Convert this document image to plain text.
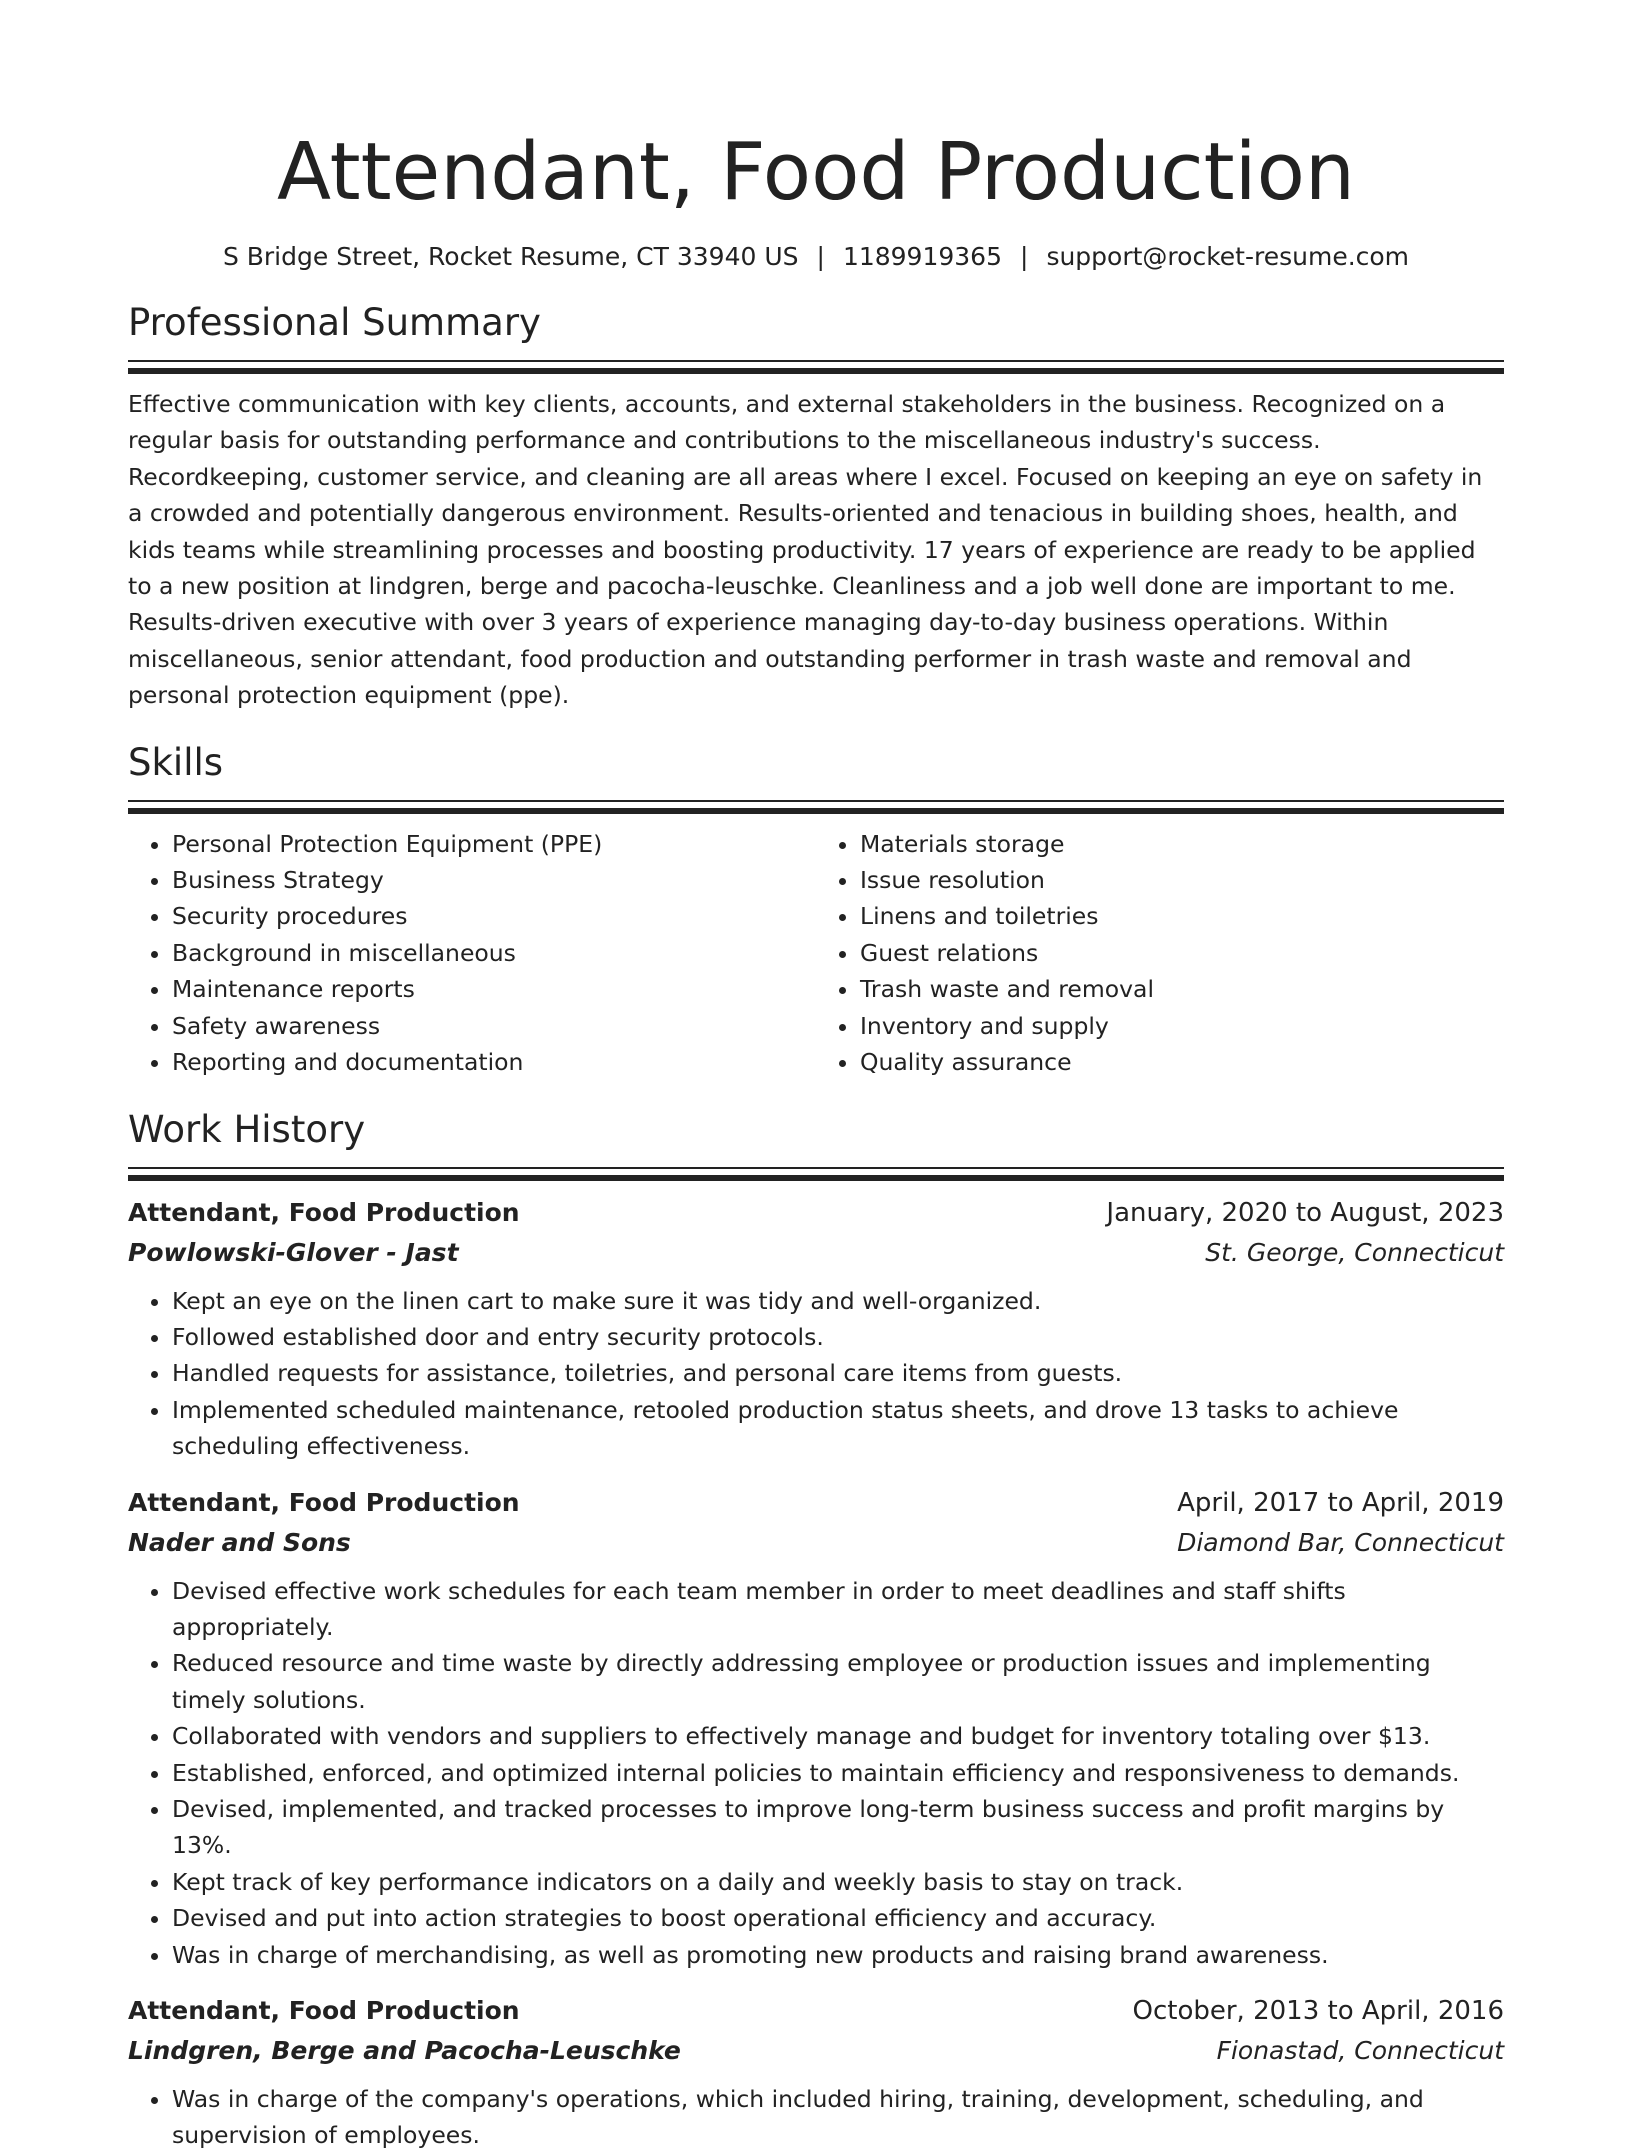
Attendant, Food Production
S Bridge Street, Rocket Resume, CT 33940 US | 1189919365 | support@rocket-resume.com
Professional Summary

Effective communication with key clients, accounts, and external stakeholders in the business. Recognized on a regular basis for outstanding performance and contributions to the miscellaneous industry's success. Recordkeeping, customer service, and cleaning are all areas where I excel. Focused on keeping an eye on safety in a crowded and potentially dangerous environment. Results-oriented and tenacious in building shoes, health, and kids teams while streamlining processes and boosting productivity. 17 years of experience are ready to be applied to a new position at lindgren, berge and pacocha-leuschke. Cleanliness and a job well done are important to me. Results-driven executive with over 3 years of experience managing day-to-day business operations. Within miscellaneous, senior attendant, food production and outstanding performer in trash waste and removal and personal protection equipment (ppe).

Skills
• Personal Protection Equipment (PPE)
• Business Strategy
• Security procedures
• Background in miscellaneous
• Maintenance reports
• Safety awareness
• Reporting and documentation
• Materials storage
• Issue resolution
• Linens and toiletries
• Guest relations
• Trash waste and removal
• Inventory and supply
• Quality assurance
Work History
Attendant, Food Production	January, 2020 to August, 2023
Powlowski-Glover - Jast	St. George, Connecticut
• Kept an eye on the linen cart to make sure it was tidy and well-organized.
• Followed established door and entry security protocols.
• Handled requests for assistance, toiletries, and personal care items from guests.
• Implemented scheduled maintenance, retooled production status sheets, and drove 13 tasks to achieve scheduling effectiveness.
Attendant, Food Production	April, 2017 to April, 2019
Nader and Sons	Diamond Bar, Connecticut
• Devised effective work schedules for each team member in order to meet deadlines and staff shifts appropriately.
• Reduced resource and time waste by directly addressing employee or production issues and implementing timely solutions.
• Collaborated with vendors and suppliers to effectively manage and budget for inventory totaling over $13.
• Established, enforced, and optimized internal policies to maintain efficiency and responsiveness to demands.
• Devised, implemented, and tracked processes to improve long-term business success and profit margins by 13%.
• Kept track of key performance indicators on a daily and weekly basis to stay on track.
• Devised and put into action strategies to boost operational efficiency and accuracy.
• Was in charge of merchandising, as well as promoting new products and raising brand awareness.
Attendant, Food Production	October, 2013 to April, 2016
Lindgren, Berge and Pacocha-Leuschke	Fionastad, Connecticut
• Was in charge of the company's operations, which included hiring, training, development, scheduling, and supervision of employees.
